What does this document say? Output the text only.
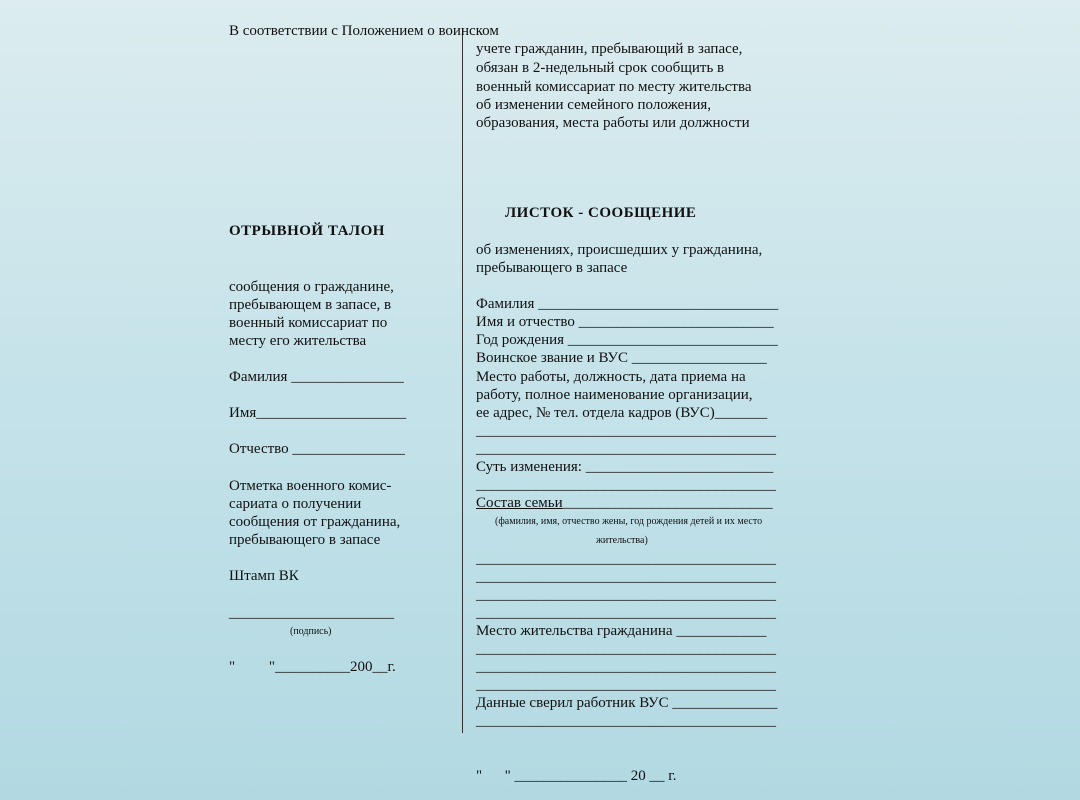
В соответствии с Положением о воинском
учете гражданин, пребывающий в запасе,
обязан в 2-недельный срок сообщить в
военный комиссариат по месту жительства
об изменении семейного положения,
образования, места работы или должности
ОТРЫВНОЙ ТАЛОН
сообщения о гражданине,
пребывающем в запасе, в
военный комиссариат по
месту его жительства
Фамилия _______________
Имя____________________
Отчество _______________
Отметка военного комис-
сариата о получении
сообщения от гражданина,
пребывающего в запасе
Штамп ВК
______________________
(подпись)
"         "__________200__г.
ЛИСТОК - СООБЩЕНИЕ
об изменениях, происшедших у гражданина,
пребывающего в запасе
Фамилия ________________________________
Имя и отчество __________________________
Год рождения ____________________________
Воинское звание и ВУС __________________
Место работы, должность, дата приема на
работу, полное наименование организации,
ее адрес, № тел. отдела кадров (ВУС)_______
________________________________________
________________________________________
Суть изменения: _________________________
________________________________________
Состав семьи____________________________
(фамилия, имя, отчество жены, год рождения детей и их место
жительства)
________________________________________
________________________________________
________________________________________
________________________________________
Место жительства гражданина ____________
________________________________________
________________________________________
________________________________________
Данные сверил работник ВУС ______________
________________________________________
"      " _______________ 20 __ г.
